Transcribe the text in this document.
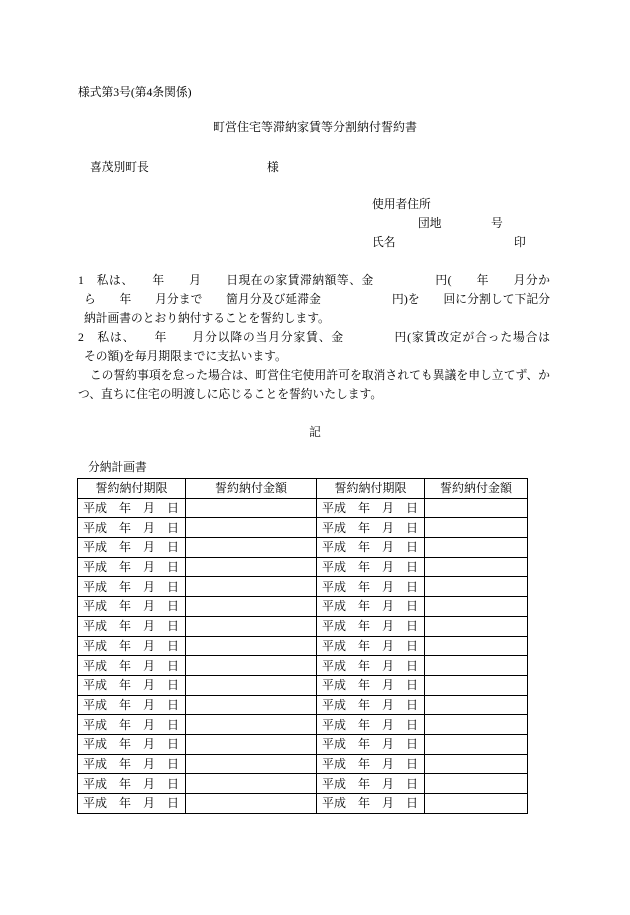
様式第3号(第4条関係)
町営住宅等滞納家賃等分割納付誓約書
喜茂別町長	様
使用者住所
団地	号
氏名	印
1　私は、　　年　　月　　日現在の家賃滞納額等、金　　　　　円(　　年　　月分か
ら　　年　　月分まで　　箇月分及び延滞金　　　　　　円)を　　回に分割して下記分
納計画書のとおり納付することを誓約します。
2　私は、　　年　　月分以降の当月分家賃、金　　　　円(家賃改定が合った場合は
その額)を毎月期限までに支払います。
　この誓約事項を怠った場合は、町営住宅使用許可を取消されても異議を申し立てず、か
つ、直ちに住宅の明渡しに応じることを誓約いたします。
記
分納計画書
誓約納付期限	誓約納付金額	誓約納付期限	誓約納付金額
平成　年　月　日		平成　年　月　日	
平成　年　月　日		平成　年　月　日	
平成　年　月　日		平成　年　月　日	
平成　年　月　日		平成　年　月　日	
平成　年　月　日		平成　年　月　日	
平成　年　月　日		平成　年　月　日	
平成　年　月　日		平成　年　月　日	
平成　年　月　日		平成　年　月　日	
平成　年　月　日		平成　年　月　日	
平成　年　月　日		平成　年　月　日	
平成　年　月　日		平成　年　月　日	
平成　年　月　日		平成　年　月　日	
平成　年　月　日		平成　年　月　日	
平成　年　月　日		平成　年　月　日	
平成　年　月　日		平成　年　月　日	
平成　年　月　日		平成　年　月　日	
